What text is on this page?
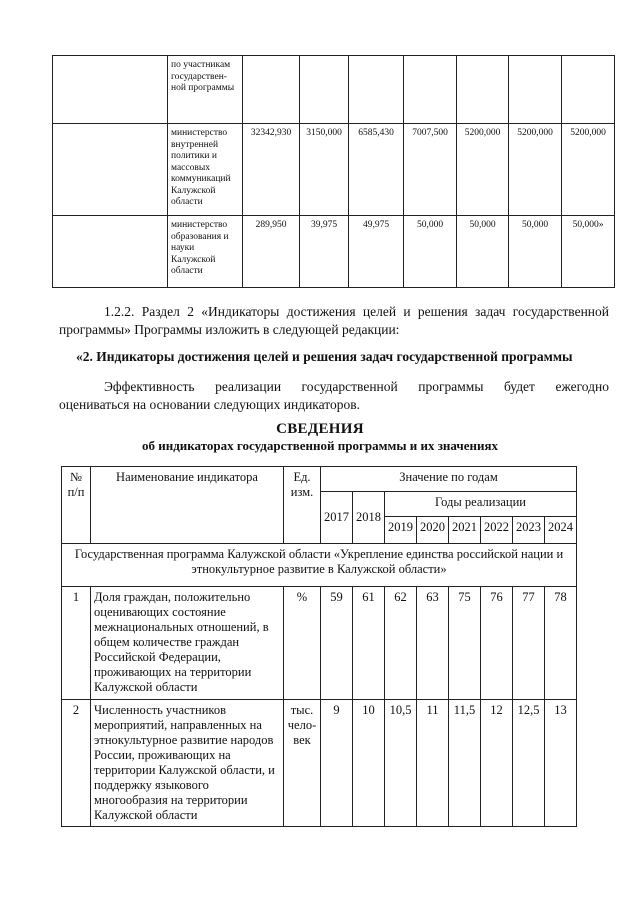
	по участникам государствен-ной программы							
	министерство внутренней политики и массовых коммуникаций Калужской области	32342,930	3150,000	6585,430	7007,500	5200,000	5200,000	5200,000
	министерство образования и науки Калужской области	289,950	39,975	49,975	50,000	50,000	50,000	50,000»
1.2.2. Раздел 2 «Индикаторы достижения целей и решения задач государственной программы» Программы изложить в следующей редакции:
«2. Индикаторы достижения целей и решения задач государственной программы
Эффективность реализации государственной программы будет ежегодно
оцениваться на основании следующих индикаторов.
СВЕДЕНИЯ
об индикаторах государственной программы и их значениях
№ п/п	Наименование индикатора	Ед. изм.	Значение по годам							
			2017	2018	Годы реализации					
					2019	2020	2021	2022	2023	2024
Государственная программа Калужской области «Укрепление единства российской нации и этнокультурное развитие в Калужской области»										
1	Доля граждан, положительно оценивающих состояние межнациональных отношений, в общем количестве граждан Российской Федерации, проживающих на территории Калужской области	%	59	61	62	63	75	76	77	78
2	Численность участников мероприятий, направленных на этнокультурное развитие народов России, проживающих на территории Калужской области, и поддержку языкового многообразия на территории Калужской области	тыс. чело-век	9	10	10,5	11	11,5	12	12,5	13
